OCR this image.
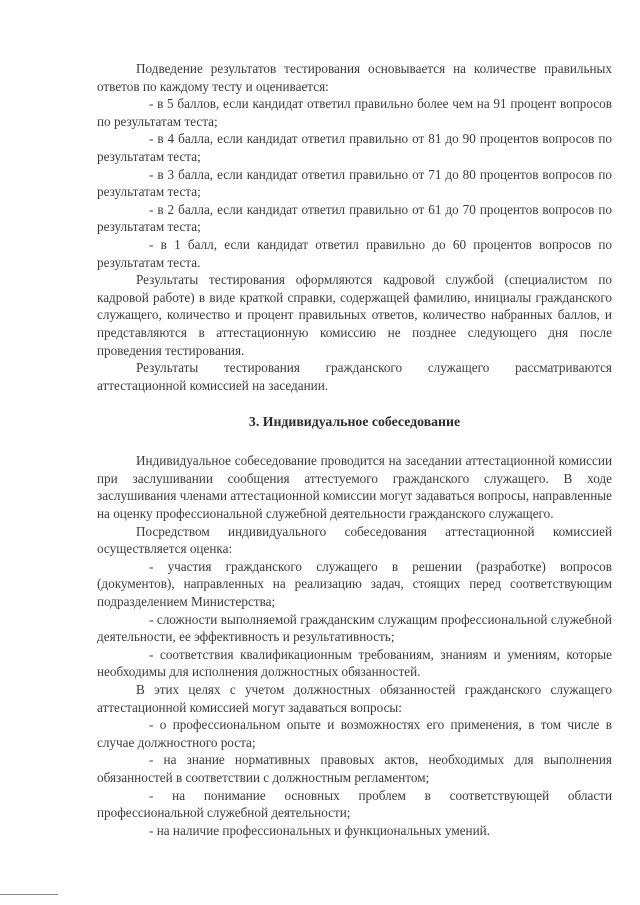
Подведение результатов тестирования основывается на количестве правильных ответов по каждому тесту и оценивается:

- в 5 баллов, если кандидат ответил правильно более чем на 91 процент вопросов по результатам теста;

- в 4 балла, если кандидат ответил правильно от 81 до 90 процентов вопросов по результатам теста;

- в 3 балла, если кандидат ответил правильно от 71 до 80 процентов вопросов по результатам теста;

- в 2 балла, если кандидат ответил правильно от 61 до 70 процентов вопросов по результатам теста;

- в 1 балл, если кандидат ответил правильно до 60 процентов вопросов по результатам теста.

Результаты тестирования оформляются кадровой службой (специалистом по кадровой работе) в виде краткой справки, содержащей фамилию, инициалы гражданского служащего, количество и процент правильных ответов, количество набранных баллов, и представляются в аттестационную комиссию не позднее следующего дня после проведения тестирования.

Результаты тестирования гражданского служащего рассматриваются аттестационной комиссией на заседании.

3. Индивидуальное собеседование

Индивидуальное собеседование проводится на заседании аттестационной комиссии при заслушивании сообщения аттестуемого гражданского служащего. В ходе заслушивания членами аттестационной комиссии могут задаваться вопросы, направленные на оценку профессиональной служебной деятельности гражданского служащего.

Посредством индивидуального собеседования аттестационной комиссией осуществляется оценка:

- участия гражданского служащего в решении (разработке) вопросов (документов), направленных на реализацию задач, стоящих перед соответствующим подразделением Министерства;

- сложности выполняемой гражданским служащим профессиональной служебной деятельности, ее эффективность и результативность;

- соответствия квалификационным требованиям, знаниям и умениям, которые необходимы для исполнения должностных обязанностей.

В этих целях с учетом должностных обязанностей гражданского служащего аттестационной комиссией могут задаваться вопросы:

- о профессиональном опыте и возможностях его применения, в том числе в случае должностного роста;

- на знание нормативных правовых актов, необходимых для выполнения обязанностей в соответствии с должностным регламентом;

- на понимание основных проблем в соответствующей области профессиональной служебной деятельности;

- на наличие профессиональных и функциональных умений.
